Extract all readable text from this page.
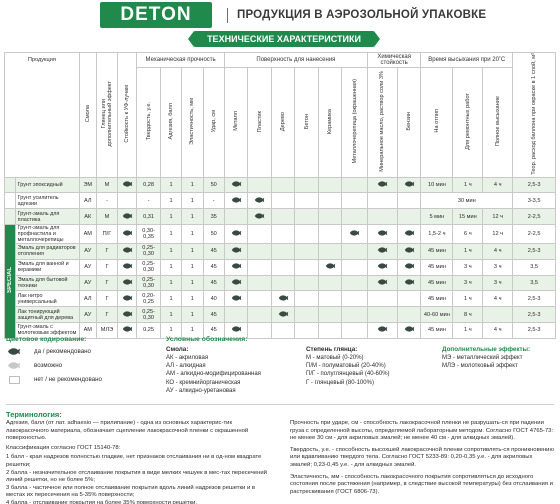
DETON	ПРОДУКЦИЯ В АЭРОЗОЛЬНОЙ УПАКОВКЕ
ТЕХНИЧЕСКИЕ ХАРАКТЕРИСТИКИ
Продукция		Смола	Глянец или
дополнительный эффект	Стойкость к УФ-лучам	Механическая прочность				Поверхность для нанесения						Химическая стойкость		Время высыхания при 20˚С			Теор. расход баллона при окраске в 1 слой, м²
					Твердость, у.е.	Адгезия, балл	Эластичность, мм	Удар, см	Металл	Пластик	Дерево	Бетон	Керамика	Металлочерепица (окрашенная)	Минеральное масло, раствор соли 3%	Бензин	На отлип	Для ремонтных работ	Полное высыхание	
	Грунт эпоксидный	ЭМ	М		0,28	1	1	50									10 мин	1 ч	4 ч	2,5-3
	Грунт усилитель адгезии	АЛ	-		-	1	1	-									30 мин			3-3,5
	Грунт-эмаль для пластика	АК	М		0,31	1	1	35									5 мин	15 мин	12 ч	2-2,5
SPECIAL	Грунт-эмаль для профнастила и металлочерепицы	АМ	П/Г		0,30-0,35	1	1	50									1,5-2 ч	6 ч	12 ч	2-2,5
	Эмаль для радиаторов отопления	АУ	Г		0,25-0,30	1	1	45									45 мин	1 ч	4 ч	2,5-3
	Эмаль для ванной и керамики	АУ	Г		0,25-0,30	1	1	45									45 мин	3 ч	3 ч	3,5
	Эмаль для бытовой техники	АУ	Г		0,25-0,30	1	1	45									45 мин	3 ч	3 ч	3,5
	Лак нитро универсальный	АЛ	Г		0,20-0,25	1	1	40									45 мин	1 ч	4 ч	2,5-3
	Лак тонирующий защитный для дерева	АУ	Г		0,25-0,30	1	1	45									40-60 мин	8 ч		2,5-3
	Грунт-эмаль с молотковым эффектом	АМ	МЛЭ		0,25	1	1	45									45 мин	1 ч	4 ч	2,5-3
Цветовое кодирование:
да / рекомендовано
возможно
нет / не рекомендовано
Условные обозначения:
Смола:
АК - акриловая
АЛ - алкидная
АМ - алкидно-модифицированная
КО - кремнийорганическая
АУ - алкидно-уретановая
Степень глянца:
М - матовый (0-20%)
П/М - полуматовый (20-40%)
П/Г - полуглянцевый (40-60%)
Г - глянцевый (80-100%)
Дополнительные эффекты:
МЭ - металлический эффект
МЛЭ - молотковый эффект
Терминология:
Адгезия, балл (от лат. adhaesio — прилипание) - одна из основных характерис-тик лакокрасочного материала, обозначает сцепление лакокрасочной пленки с окрашенной поверхностью.
Классификация согласно ГОСТ 15140-78:
1 балл - края надрезов полностью гладкие, нет признаков отслаивания ни в од-ном квадрате решетки;
2 балла - незначительное отслаивание покрытия в виде мелких чешуек в мес-тах пересечений линий решетки, но не более 5%;
3 балла - частичное или полное отслаивание покрытия вдоль линий надрезов решетки и в местах их пересечения на 5-35% поверхности;
4 балла - отслаивание покрытия на более 35% поверхности решетки.
Прочность при ударе, см - способность лакокрасочной пленки не разрушать-ся при падении груза с определенной высоты, определяемой лабораторным методом. Согласно ГОСТ 4765-73: не менее 30 см - для акриловых эмалей; не менее 40 см - для алкидных эмалей).
Твердость, у.е. - способность высохшей лакокрасочной пленки сопротивлять-ся проникновению или вдавливанию твердого тела. Согласно ГОСТ 5233-89: 0,20-0,35 у.е. - для акриловых эмалей; 0,23-0,45 у.е. - для алкидных эмалей.
Эластичность, мм - способность лакокрасочного покрытия сопротивляться до исходного состояния после растяжения (например, в следствие высокой температуры) без отслаивания и растрескивания (ГОСТ 6806-73).
